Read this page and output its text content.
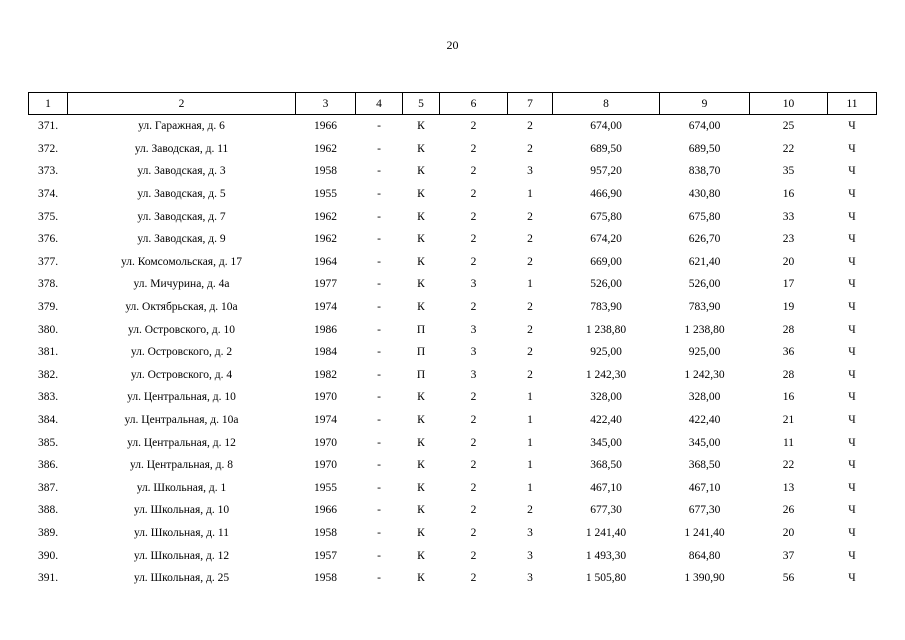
20
1	2	3	4	5	6	7	8	9	10	11
371.	ул. Гаражная, д. 6	1966	-	К	2	2	674,00	674,00	25	Ч
372.	ул. Заводская, д. 11	1962	-	К	2	2	689,50	689,50	22	Ч
373.	ул. Заводская, д. 3	1958	-	К	2	3	957,20	838,70	35	Ч
374.	ул. Заводская, д. 5	1955	-	К	2	1	466,90	430,80	16	Ч
375.	ул. Заводская, д. 7	1962	-	К	2	2	675,80	675,80	33	Ч
376.	ул. Заводская, д. 9	1962	-	К	2	2	674,20	626,70	23	Ч
377.	ул. Комсомольская, д. 17	1964	-	К	2	2	669,00	621,40	20	Ч
378.	ул. Мичурина, д. 4а	1977	-	К	3	1	526,00	526,00	17	Ч
379.	ул. Октябрьская, д. 10а	1974	-	К	2	2	783,90	783,90	19	Ч
380.	ул. Островского, д. 10	1986	-	П	3	2	1 238,80	1 238,80	28	Ч
381.	ул. Островского, д. 2	1984	-	П	3	2	925,00	925,00	36	Ч
382.	ул. Островского, д. 4	1982	-	П	3	2	1 242,30	1 242,30	28	Ч
383.	ул. Центральная, д. 10	1970	-	К	2	1	328,00	328,00	16	Ч
384.	ул. Центральная, д. 10а	1974	-	К	2	1	422,40	422,40	21	Ч
385.	ул. Центральная, д. 12	1970	-	К	2	1	345,00	345,00	11	Ч
386.	ул. Центральная, д. 8	1970	-	К	2	1	368,50	368,50	22	Ч
387.	ул. Школьная, д. 1	1955	-	К	2	1	467,10	467,10	13	Ч
388.	ул. Школьная, д. 10	1966	-	К	2	2	677,30	677,30	26	Ч
389.	ул. Школьная, д. 11	1958	-	К	2	3	1 241,40	1 241,40	20	Ч
390.	ул. Школьная, д. 12	1957	-	К	2	3	1 493,30	864,80	37	Ч
391.	ул. Школьная, д. 25	1958	-	К	2	3	1 505,80	1 390,90	56	Ч
